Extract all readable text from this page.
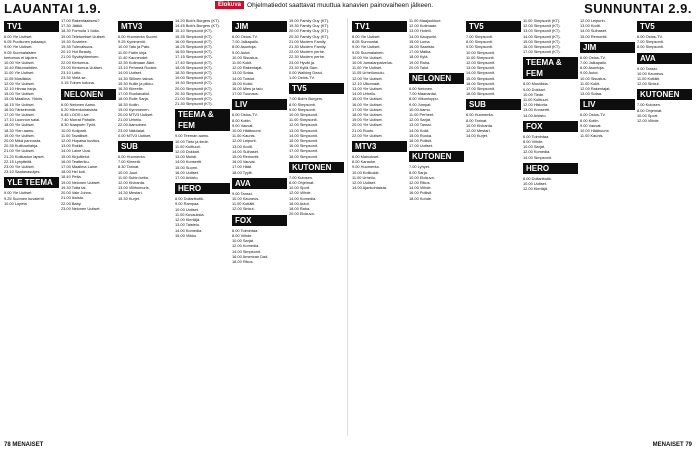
LAUANTAI 1.9.	Elokuva Ohjelmatiedot saattavat muuttua kanavien painovaiheen jälkeen.	SUNNUNTAI 2.9.
TV1
6.00 Yle Uutiset.
6.05 Puoliunen palaaspi.
9.00 Yle Uutiset.
9.05 Suomalaisten
kertomus ei tajuten.
10.00 Yle Uutiset.
10.40 Rikumaihtien.
11.00 Yle Uutiset.
11.05 Musiikkia.
12.00 Yle Uutiset.
12.10 Hirvaa harja.
15.00 Yle Uutiset.
15.05 Maailma. Ykkös.
16.15 Yle Uutiset.
16.50 Tärkeimmät.
17.00 Yle Uutiset.
17.10 Luonnon salai.
18.00 Yle Uutiset.
18.30 Ylen aamu.
19.00 Yle Uutiset.
20.00 Mikä pannusta.
20.35 Kulttuurilahja.
21.00 Yle Uutiset.
21.20 Kotikadun lapset.
22.15 Lyhytteitä.
23.00 Yle Uutiset.
23.10 Saatanasutjes.
YLE TEEMA
9.00 Yle Uutiset
9.25 Suomen kuvalehti
10.00 Lopeta
17.00 Rakentaaksesi?
17.30 Jääkö.
18.30 Formula 1 Italia.
19.00 Teletumiset Uutiset.
19.30 Sovielee.
19.35 Tulevaisuus.
20.10 Hut Beauty.
21.00 Syvätytärmisen.
22.00 Kertomus.
23.00 Kertomus Uutiset.
23.10 Lotto.
23.30 Vielä se.
0.15 Toinen kotona.
NELONEN
6.00 Nelonen Aamu.
6.20 Hiirenkoiraisista.
6.45 LOOS Live.
7.40 Murrat Pahalle.
8.30 Naapurin Tytöt.
10.00 Kotiparit.
11.00 Tavalliset.
12.00 Hupaisa kuvitus.
13.00 Rokkit.
14.00 Laine Uusi.
15.00 Kirjoittelut.
16.00 Teatteriku.
17.00 Maailma Laine.
18.00 Hei koti.
18.40 Pelta.
19.00 Nelonen Uutiset.
19.30 Totta tai.
20.00 Vale Johns.
21.00 Ikuisto.
22.00 Baby.
23.00 Nelonen Uutiset.
MTV3
6.00 Huomenta Suomi.
9.25 Kymmeniö.
10.00 Tatu ja Patu.
11.00 Fiatin kirja.
11.40 Kauneudet.
12.30 Kotimaan Ääni.
13.10 Pehmeä Rookie.
14.00 Uutiset.
14.30 Sillinen talous.
15.30 Kullin ja pikku.
16.30 Kiireelle.
17.00 Ruokavaliot.
18.00 Rolle Sarja.
18.30 Kotiin.
19.00 Kymmenen.
20.00 MTV3 Uutiset.
21.00 Urheilu.
22.00 Aamuinen.
23.00 Näköalat.
0.00 MTV3 Uutiset.
SUB
6.00 Huomenta.
7.00 Kiireetä.
8.30 Tarinat.
10.00 Juuri.
11.00 Subin kelta.
12.00 Kiviranta.
13.00 Villihumoris.
14.30 Mestari.
15.30 Kurjet.
14.20 Bob's Burgers (KT).
14.45 Bob's Burgers (KT).
15.10 Simpsonit (KT).
15.35 Simpsonit (KT).
16.00 Simpsonit (KT).
16.25 Simpsonit (KT).
16.50 Simpsonit (KT).
17.15 Simpsonit (KT).
17.40 Simpsonit (KT).
18.05 Simpsonit (KT).
18.30 Simpsonit (KT).
19.00 Simpsonit (KT).
19.30 Simpsonit (KT).
20.00 Simpsonit (KT).
20.30 Simpsonit (KT).
21.00 Simpsonit (KT).
21.30 Simpsonit (KT).
TEEMA & FEM
9.00 Teeman aamu.
10.00 Tieto ja tiede.
11.00 Kulttuuri.
12.00 Dokkari.
13.00 Muisti.
14.00 Konsertti.
15.00 Suomi.
16.00 Uutiset.
17.00 Arkisto.
HERO
8.00 Dollaributik.
9.00 Rampaa.
10.00 Uutiset.
11.00 Kuvauksia.
12.00 Kiertäjä.
13.00 Taistelu.
14.00 Komedia.
15.00 Viikko.
JIM
6.00 Ostos-TV.
7.00 Jalkapallo.
8.00 Asuntoja.
9.00 Autot.
10.00 Sisustus.
11.00 Kokit.
12.00 Rakentajat.
13.00 Sotaa.
14.00 Toistot.
15.00 Kokki.
16.00 Mies ja talo.
17.00 Tuunaus.
LIV
6.00 Ostos-TV.
8.00 Kotiin.
9.00 Vauvat.
10.00 Hääbuumi.
11.00 Kaunis.
12.00 Leipurit.
13.00 Kodit.
14.00 Sulhaset.
15.00 Remontti.
16.00 Vauvat.
17.00 Häät.
18.00 Tyylit.
AVA
9.00 Tanssi.
10.00 Kauneus.
11.00 Kotiäiti.
12.00 Sinkut.
FOX
6.00 Toimintaa.
8.00 Viihde.
10.00 Sarjat.
12.00 Komedia.
14.00 Simpsonit.
16.00 American Dad.
18.00 Rikos.
19.00 Family Guy (KT).
19.30 Family Guy (KT).
20.00 Family Guy (KT).
20.30 Family Guy (KT).
21.00 Modern Family.
21.30 Modern Family.
22.00 Modern perhe.
22.30 Modern perhe.
23.00 Hyvät ja.
23.30 Kyllä Sam.
0.00 Walking Dead.
1.00 Ostos-TV.
TV5
7.00 Bob's Burgers.
8.00 Simpsonit.
9.00 Simpsonit.
10.00 Simpsonit.
11.00 Simpsonit.
12.00 Simpsonit.
13.00 Simpsonit.
14.00 Simpsonit.
15.00 Simpsonit.
16.00 Simpsonit.
17.00 Simpsonit.
18.00 Simpsonit.
KUTONEN
7.00 Kutosen.
8.00 Ohjelmat.
10.00 Sport.
12.00 Viihde.
14.00 Komedia.
16.00 Autot.
18.00 Raha.
20.00 Elokuva.
TV1
8.00 Yle Uutiset.
8.05 Sunnuntai.
9.00 Yle Uutiset.
9.05 Suomalainen.
10.00 Yle Uutiset.
10.05 Jumalanpalvelus.
11.00 Yle Uutiset.
11.05 Urheiluruutu.
12.00 Yle Uutiset.
12.10 Ulkomaat.
13.00 Yle Uutiset.
14.00 Urheilu.
15.00 Yle Uutiset.
16.00 Yle Uutiset.
17.00 Yle Uutiset.
18.00 Yle Uutiset.
19.00 Yle Uutiset.
20.00 Yle Uutiset.
21.00 Ruutu.
22.00 Yle Uutiset.
MTV3
6.00 Mainokset.
8.00 Karaoke.
9.00 Huomenta.
10.00 Kotikokki.
11.00 Urheilu.
12.00 Uutiset.
14.00 Ajankohtaista.
11.00 Maajoukkue.
12.00 Kotimaan.
13.00 Hotelli.
14.00 Kaupunki.
15.00 Loma.
16.00 Saaristo.
17.00 Matka.
18.00 Kylä.
19.00 Raha.
20.00 Talot.
NELONEN
6.00 Nelonen.
7.00 Maanantai.
8.00 Viikonloppu.
9.00 Jumpat.
10.00 Aamu.
11.00 Perheet.
12.00 Sarjat.
13.00 Tanssi.
14.00 Kokit.
15.00 Ruoka.
16.00 Poliisit.
17.00 Uutiset.
KUTONEN
7.00 Lyhyet.
8.00 Sarja.
10.00 Elokuva.
12.00 Rikos.
14.00 Viihde.
16.00 Poliisit.
18.00 Kohde.
TV5
7.00 Simpsonit.
8.00 Simpsonit.
9.00 Simpsonit.
10.00 Simpsonit.
11.00 Simpsonit.
12.00 Simpsonit.
13.00 Simpsonit.
14.00 Simpsonit.
15.00 Simpsonit.
16.00 Simpsonit.
17.00 Simpsonit.
18.00 Simpsonit.
SUB
6.00 Huomenta.
8.00 Tarinat.
10.00 Kiviranta.
12.00 Mestari.
14.00 Kurjet.
11.00 Simpsonit (KT).
12.00 Simpsonit (KT).
13.00 Simpsonit (KT).
14.00 Simpsonit (KT).
15.00 Simpsonit (KT).
16.00 Simpsonit (KT).
17.00 Simpsonit (KT).
TEEMA & FEM
8.00 Musiikkia.
9.00 Dokkari.
10.00 Tiede.
11.00 Kulttuuri.
12.00 Historia.
13.00 Konsertti.
14.00 Arkisto.
FOX
6.00 Toimintaa.
8.00 Viihde.
10.00 Sarjat.
12.00 Komedia.
14.00 Simpsonit.
HERO
8.00 Dollaributik.
10.00 Uutiset.
12.00 Kiertäjä.
12.00 Leipurin.
13.00 Kodit.
14.00 Sulhaset.
15.00 Remontti.
JIM
6.00 Ostos-TV.
7.00 Jalkapallo.
8.00 Asuntoja.
9.00 Autot.
10.00 Sisustus.
11.00 Kokit.
12.00 Rakentajat.
13.00 Sotaa.
LIV
6.00 Ostos-TV.
8.00 Kotiin.
9.00 Vauvat.
10.00 Hääbuumi.
11.00 Kaunis.
TV5
6.00 Ostos-TV.
7.00 Simpsonit.
8.00 Simpsonit.
AVA
9.00 Tanssi.
10.00 Kauneus.
11.00 Kotiäiti.
12.00 Sinkut.
KUTONEN
7.00 Kutosen.
8.00 Ohjelmat.
10.00 Sport.
12.00 Viihde.
78 MENAISET	MENAISET 79
